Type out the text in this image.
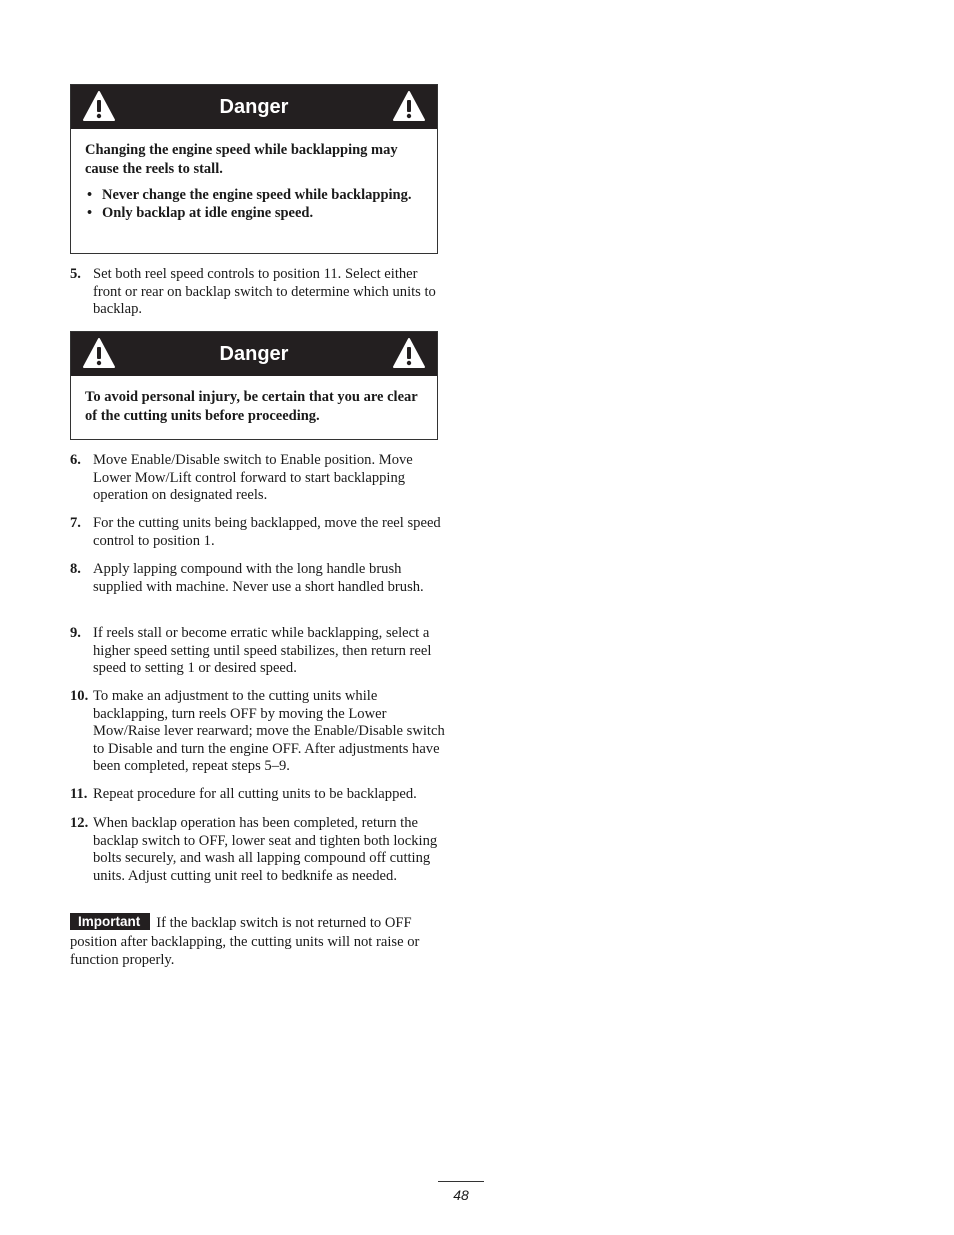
Danger

Changing the engine speed while backlapping may cause the reels to stall.

• Never change the engine speed while backlapping.
• Only backlap at idle engine speed.
5. Set both reel speed controls to position 11. Select either front or rear on backlap switch to determine which units to backlap.
Danger

To avoid personal injury, be certain that you are clear of the cutting units before proceeding.

6. Move Enable/Disable switch to Enable position. Move Lower Mow/Lift control forward to start backlapping operation on designated reels.
7. For the cutting units being backlapped, move the reel speed control to position 1.
8. Apply lapping compound with the long handle brush supplied with machine. Never use a short handled brush.
9. If reels stall or become erratic while backlapping, select a higher speed setting until speed stabilizes, then return reel speed to setting 1 or desired speed.
10. To make an adjustment to the cutting units while backlapping, turn reels OFF by moving the Lower Mow/Raise lever rearward; move the Enable/Disable switch to Disable and turn the engine OFF. After adjustments have been completed, repeat steps 5–9.
11. Repeat procedure for all cutting units to be backlapped.
12. When backlap operation has been completed, return the backlap switch to OFF, lower seat and tighten both locking bolts securely, and wash all lapping compound off cutting units. Adjust cutting unit reel to bedknife as needed.
Important If the backlap switch is not returned to OFF position after backlapping, the cutting units will not raise or function properly.
48
